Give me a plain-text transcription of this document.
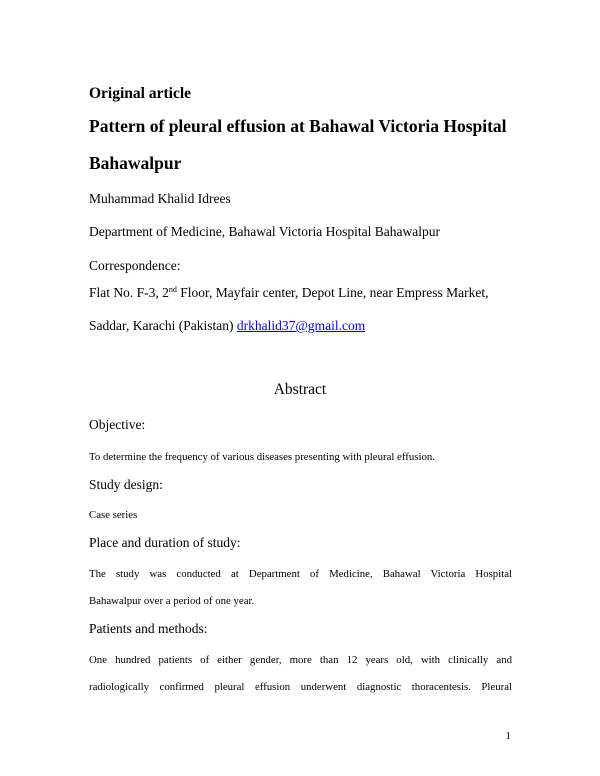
Original article
Pattern of pleural effusion at Bahawal Victoria Hospital
Bahawalpur
Muhammad Khalid Idrees
Department of Medicine, Bahawal Victoria Hospital Bahawalpur
Correspondence:
Flat No. F-3, 2nd Floor, Mayfair center, Depot Line, near Empress Market,
Saddar, Karachi (Pakistan) drkhalid37@gmail.com
Abstract
Objective:
To determine the frequency of various diseases presenting with pleural effusion.
Study design:
Case series
Place and duration of study:
The study was conducted at Department of Medicine, Bahawal Victoria Hospital
Bahawalpur over a period of one year.
Patients and methods:
One hundred patients of either gender, more than 12 years old, with clinically and
radiologically confirmed pleural effusion underwent diagnostic thoracentesis. Pleural
1
